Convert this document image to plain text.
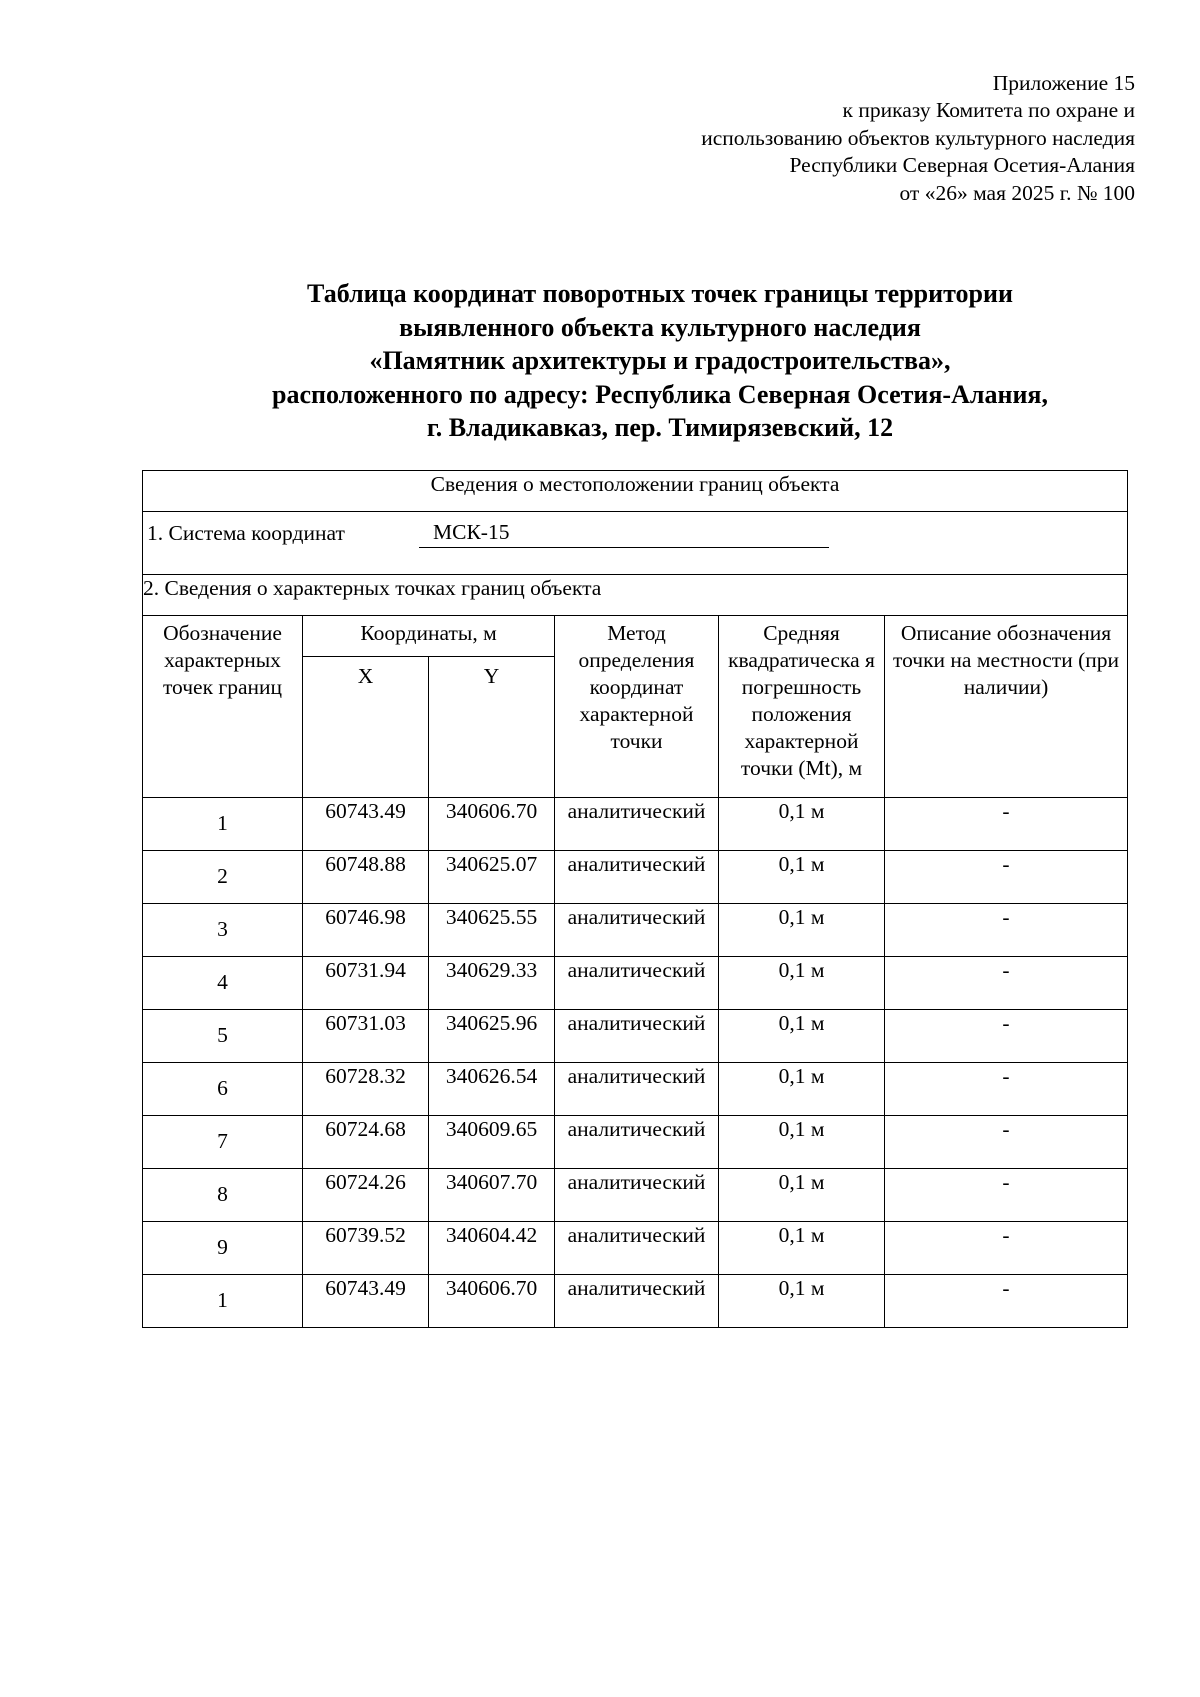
Приложение 15
к приказу Комитета по охране и
использованию объектов культурного наследия
Республики Северная Осетия-Алания
от «26» мая 2025 г. № 100
Таблица координат поворотных точек границы территории
выявленного объекта культурного наследия
«Памятник архитектуры и градостроительства»,
расположенного по адресу: Республика Северная Осетия-Алания,
г. Владикавказ, пер. Тимирязевский, 12
Сведения о местоположении границ объекта					

1. Система координат МСК-15					

2. Сведения о характерных точках границ объекта					
Обозначение характерных точек границ	Координаты, м		Метод определения координат характерной точки	Средняя квадратическа я погрешность положения характерной точки (Mt), м	Описание обозначения точки на местности (при наличии)
	X	Y			
1	60743.49	340606.70	аналитический	0,1 м	-
2	60748.88	340625.07	аналитический	0,1 м	-
3	60746.98	340625.55	аналитический	0,1 м	-
4	60731.94	340629.33	аналитический	0,1 м	-
5	60731.03	340625.96	аналитический	0,1 м	-
6	60728.32	340626.54	аналитический	0,1 м	-
7	60724.68	340609.65	аналитический	0,1 м	-
8	60724.26	340607.70	аналитический	0,1 м	-
9	60739.52	340604.42	аналитический	0,1 м	-
1	60743.49	340606.70	аналитический	0,1 м	-
